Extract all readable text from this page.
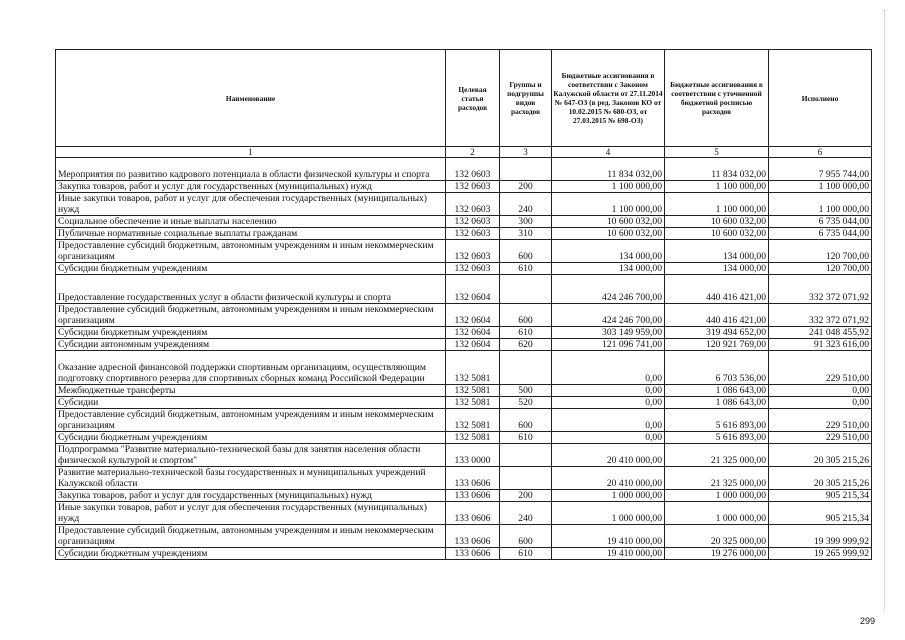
Наименование	Целевая статья расходов	Группы и подгруппы видов расходов	Бюджетные ассигнования в соответствии с Законом Калужской области от 27.11.2014 № 647-ОЗ (в ред. Законов КО от 10.02.2015 № 680-ОЗ, от 27.03.2015 № 698-ОЗ)	Бюджетные ассигнования в соответствии с уточненной бюджетной росписью расходов	Исполнено
1	2	3	4	5	6
Мероприятия по развитию кадрового потенциала в области физической культуры и спорта	132 0603		11 834 032,00	11 834 032,00	7 955 744,00
Закупка товаров, работ и услуг для государственных (муниципальных) нужд	132 0603	200	1 100 000,00	1 100 000,00	1 100 000,00
Иные закупки товаров, работ и услуг для обеспечения государственных (муниципальных) нужд	132 0603	240	1 100 000,00	1 100 000,00	1 100 000,00
Социальное обеспечение и иные выплаты населению	132 0603	300	10 600 032,00	10 600 032,00	6 735 044,00
Публичные нормативные социальные выплаты гражданам	132 0603	310	10 600 032,00	10 600 032,00	6 735 044,00
Предоставление субсидий бюджетным, автономным учреждениям и иным некоммерческим организациям	132 0603	600	134 000,00	134 000,00	120 700,00
Субсидии бюджетным учреждениям	132 0603	610	134 000,00	134 000,00	120 700,00
Предоставление государственных услуг в области физической культуры и спорта	132 0604		424 246 700,00	440 416 421,00	332 372 071,92
Предоставление субсидий бюджетным, автономным учреждениям и иным некоммерческим организациям	132 0604	600	424 246 700,00	440 416 421,00	332 372 071,92
Субсидии бюджетным учреждениям	132 0604	610	303 149 959,00	319 494 652,00	241 048 455,92
Субсидии автономным учреждениям	132 0604	620	121 096 741,00	120 921 769,00	91 323 616,00
Оказание адресной финансовой поддержки спортивным организациям, осуществляющим подготовку спортивного резерва для спортивных сборных команд Российской Федерации	132 5081		0,00	6 703 536,00	229 510,00
Межбюджетные трансферты	132 5081	500	0,00	1 086 643,00	0,00
Субсидии	132 5081	520	0,00	1 086 643,00	0,00
Предоставление субсидий бюджетным, автономным учреждениям и иным некоммерческим организациям	132 5081	600	0,00	5 616 893,00	229 510,00
Субсидии бюджетным учреждениям	132 5081	610	0,00	5 616 893,00	229 510,00
Подпрограмма "Развитие материально-технической базы для занятия населения области физической культурой и спортом"	133 0000		20 410 000,00	21 325 000,00	20 305 215,26
Развитие материально-технической базы государственных и муниципальных учреждений Калужской области	133 0606		20 410 000,00	21 325 000,00	20 305 215,26
Закупка товаров, работ и услуг для государственных (муниципальных) нужд	133 0606	200	1 000 000,00	1 000 000,00	905 215,34
Иные закупки товаров, работ и услуг для обеспечения государственных (муниципальных) нужд	133 0606	240	1 000 000,00	1 000 000,00	905 215,34
Предоставление субсидий бюджетным, автономным учреждениям и иным некоммерческим организациям	133 0606	600	19 410 000,00	20 325 000,00	19 399 999,92
Субсидии бюджетным учреждениям	133 0606	610	19 410 000,00	19 276 000,00	19 265 999,92
299
